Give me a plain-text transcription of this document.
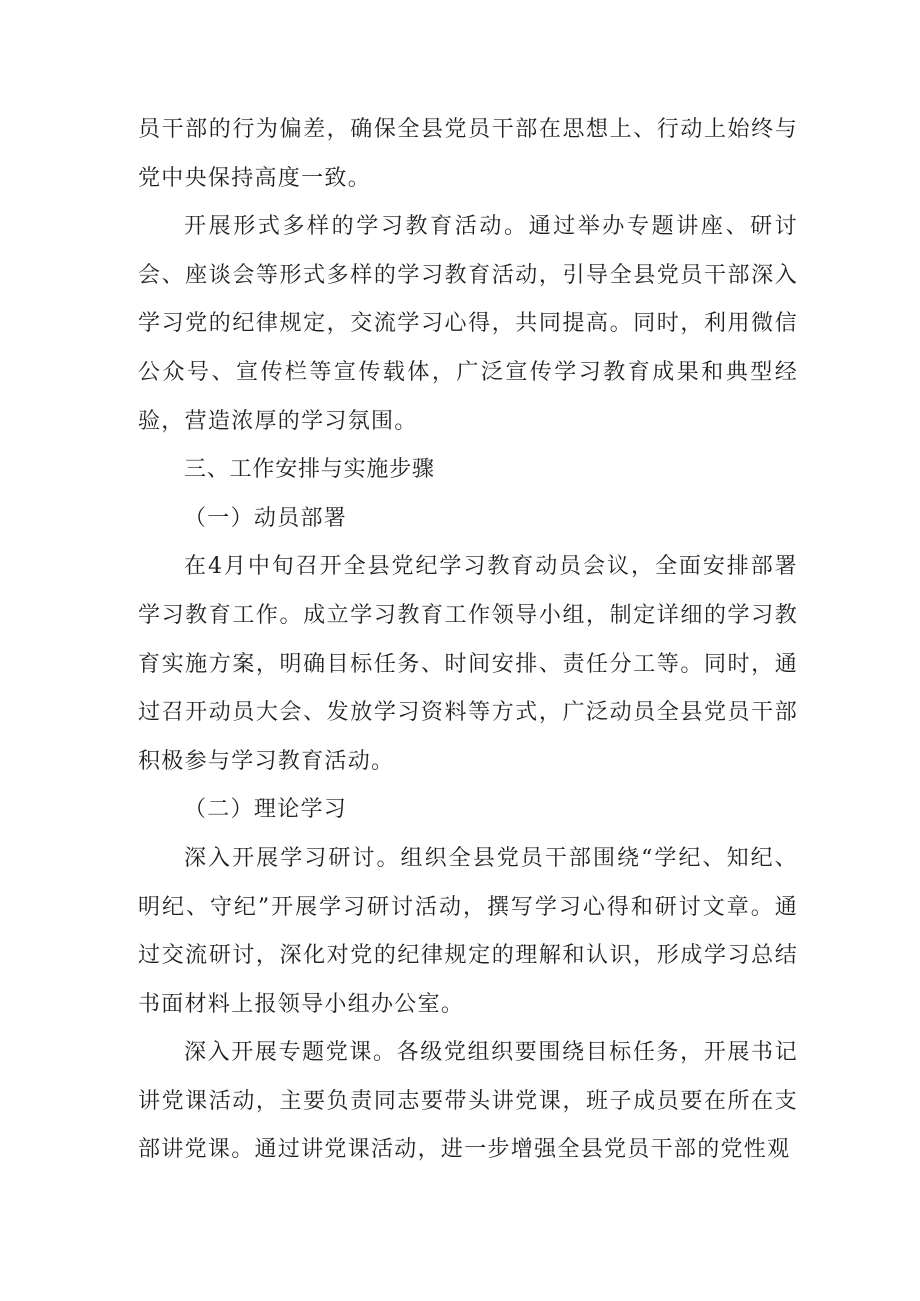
员干部的行为偏差，确保全县党员干部在思想上、行动上始终与党中央保持高度一致。

开展形式多样的学习教育活动。通过举办专题讲座、研讨会、座谈会等形式多样的学习教育活动，引导全县党员干部深入学习党的纪律规定，交流学习心得，共同提高。同时，利用微信公众号、宣传栏等宣传载体，广泛宣传学习教育成果和典型经验，营造浓厚的学习氛围。

三、工作安排与实施步骤

（一）动员部署

在4月中旬召开全县党纪学习教育动员会议，全面安排部署学习教育工作。成立学习教育工作领导小组，制定详细的学习教育实施方案，明确目标任务、时间安排、责任分工等。同时，通过召开动员大会、发放学习资料等方式，广泛动员全县党员干部积极参与学习教育活动。

（二）理论学习

深入开展学习研讨。组织全县党员干部围绕“学纪、知纪、明纪、守纪”开展学习研讨活动，撰写学习心得和研讨文章。通过交流研讨，深化对党的纪律规定的理解和认识，形成学习总结书面材料上报领导小组办公室。

深入开展专题党课。各级党组织要围绕目标任务，开展书记讲党课活动，主要负责同志要带头讲党课，班子成员要在所在支部讲党课。通过讲党课活动，进一步增强全县党员干部的党性观
